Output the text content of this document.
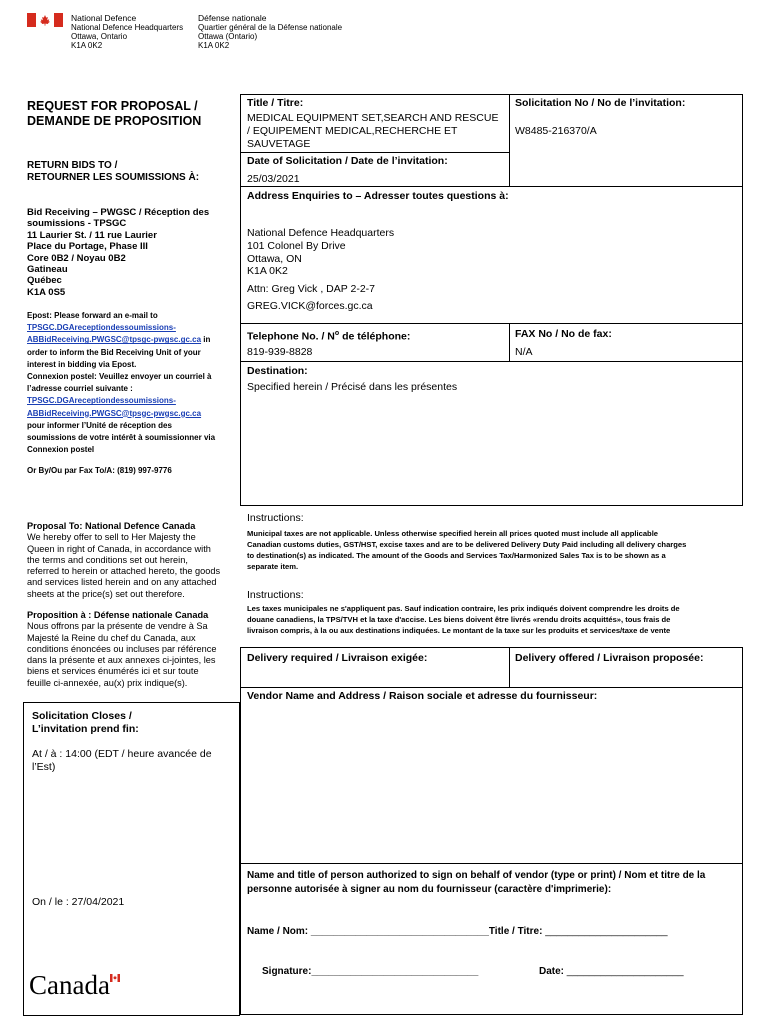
National Defence
National Defence Headquarters
Ottawa, Ontario
K1A 0K2
Défense nationale
Quartier général de la Défense nationale
Ottawa (Ontario)
K1A 0K2
REQUEST FOR PROPOSAL /
DEMANDE DE PROPOSITION
RETURN BIDS TO /
RETOURNER LES SOUMISSIONS À:
Bid Receiving – PWGSC / Réception des
soumissions - TPSGC
11 Laurier St. / 11 rue Laurier
Place du Portage, Phase III
Core 0B2 / Noyau 0B2
Gatineau
Québec
K1A 0S5
Epost: Please forward an e-mail to
TPSGC.DGAreceptiondessoumissions-
ABBidReceiving.PWGSC@tpsgc-pwgsc.gc.ca in
order to inform the Bid Receiving Unit of your
interest in bidding via Epost.
Connexion postel: Veuillez envoyer un courriel à
l’adresse courriel suivante :
TPSGC.DGAreceptiondessoumissions-
ABBidReceiving.PWGSC@tpsgc-pwgsc.gc.ca
pour informer l’Unité de réception des
soumissions de votre intérêt à soumissionner via
Connexion postel
Or By/Ou par Fax To/A: (819) 997-9776
Proposal To: National Defence Canada
We hereby offer to sell to Her Majesty the
Queen in right of Canada, in accordance with
the terms and conditions set out herein,
referred to herein or attached hereto, the goods
and services listed herein and on any attached
sheets at the price(s) set out therefore.
Proposition à : Défense nationale Canada
Nous offrons par la présente de vendre à Sa
Majesté la Reine du chef du Canada, aux
conditions énoncées ou incluses par référence
dans la présente et aux annexes ci-jointes, les
biens et services énumérés ici et sur toute
feuille ci-annexée, au(x) prix indique(s).
Solicitation Closes /
L’invitation prend fin:
At / à : 14:00 (EDT / heure avancée de
l’Est)
On / le : 27/04/2021
Canada
Title / Titre:
MEDICAL EQUIPMENT SET,SEARCH AND RESCUE
/ EQUIPEMENT MEDICAL,RECHERCHE ET
SAUVETAGE
Solicitation No / No de l’invitation:
W8485-216370/A
Date of Solicitation / Date de l’invitation:
25/03/2021
Address Enquiries to – Adresser toutes questions à:
National Defence Headquarters
101 Colonel By Drive
Ottawa, ON
K1A 0K2
Attn: Greg Vick , DAP 2-2-7
GREG.VICK@forces.gc.ca
Telephone No. / $N^o$ de téléphone:
819-939-8828
FAX No / No de fax:
N/A
Destination:
Specified herein / Précisé dans les présentes
Instructions:
Municipal taxes are not applicable. Unless otherwise specified herein all prices quoted must include all applicable
Canadian customs duties, GST/HST, excise taxes and are to be delivered Delivery Duty Paid including all delivery charges
to destination(s) as indicated. The amount of the Goods and Services Tax/Harmonized Sales Tax is to be shown as a
separate item.
Instructions:
Les taxes municipales ne s'appliquent pas. Sauf indication contraire, les prix indiqués doivent comprendre les droits de
douane canadiens, la TPS/TVH et la taxe d'accise. Les biens doivent être livrés «rendu droits acquittés», tous frais de
livraison compris, à la ou aux destinations indiquées. Le montant de la taxe sur les produits et services/taxe de vente
Delivery required / Livraison exigée:	Delivery offered / Livraison proposée:
Vendor Name and Address / Raison sociale et adresse du fournisseur:
Name and title of person authorized to sign on behalf of vendor (type or print) / Nom et titre de la
personne autorisée à signer au nom du fournisseur (caractère d'imprimerie):
Name / Nom: ________________________________Title / Titre: ______________________
Signature:______________________________	Date: _____________________
